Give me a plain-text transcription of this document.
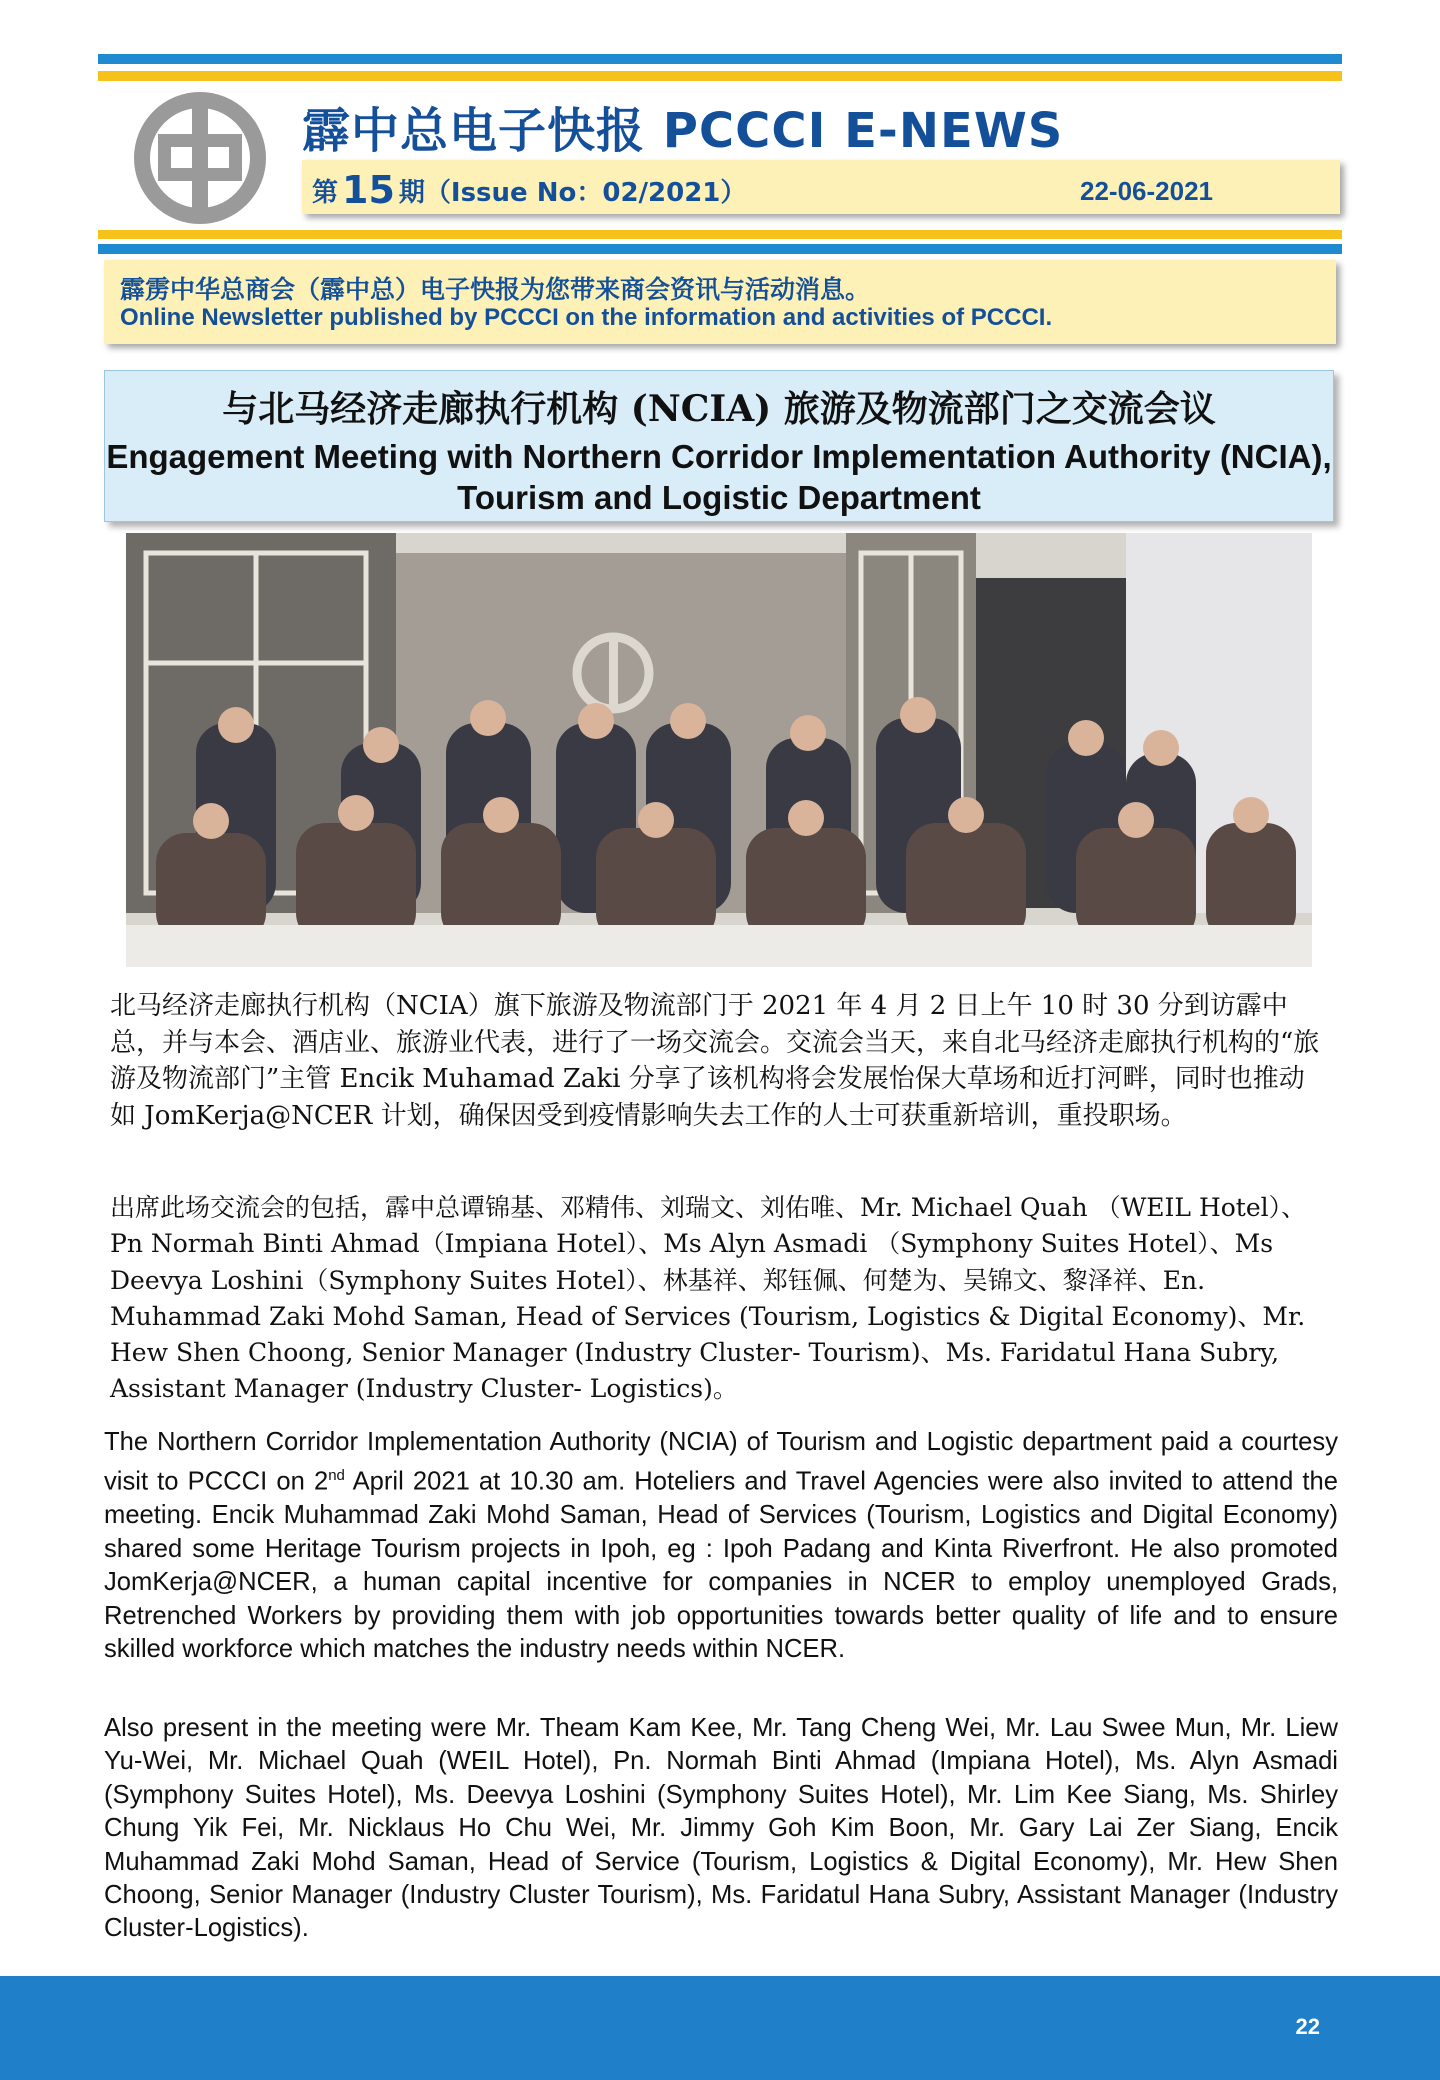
霹中总电子快报 PCCCI E-NEWS
第 15 期（Issue No：02/2021）	22-06-2021
霹雳中华总商会（霹中总）电子快报为您带来商会资讯与活动消息。
Online Newsletter published by PCCCI on the information and activities of PCCCI.
与北马经济走廊执行机构 (NCIA) 旅游及物流部门之交流会议
Engagement Meeting with Northern Corridor Implementation Authority (NCIA), Tourism and Logistic Department

北马经济走廊执行机构（NCIA）旗下旅游及物流部门于 2021 年 4 月 2 日上午 10 时 30 分到访霹中总，并与本会、酒店业、旅游业代表，进行了一场交流会。交流会当天，来自北马经济走廊执行机构的“旅游及物流部门”主管 Encik Muhamad Zaki 分享了该机构将会发展怡保大草场和近打河畔，同时也推动如 JomKerja@NCER 计划，确保因受到疫情影响失去工作的人士可获重新培训，重投职场。

出席此场交流会的包括，霹中总谭锦基、邓精伟、刘瑞文、刘佑唯、Mr. Michael Quah （WEIL Hotel）、Pn Normah Binti Ahmad（Impiana Hotel）、Ms Alyn Asmadi （Symphony Suites Hotel）、Ms Deevya Loshini（Symphony Suites Hotel）、林基祥、郑钰佩、何楚为、吴锦文、黎泽祥、En. Muhammad Zaki Mohd Saman, Head of Services (Tourism, Logistics & Digital Economy)、Mr. Hew Shen Choong, Senior Manager (Industry Cluster- Tourism)、Ms. Faridatul Hana Subry, Assistant Manager (Industry Cluster- Logistics)。

The Northern Corridor Implementation Authority (NCIA) of Tourism and Logistic department paid a courtesy visit to PCCCI on 2nd April 2021 at 10.30 am. Hoteliers and Travel Agencies were also invited to attend the meeting. Encik Muhammad Zaki Mohd Saman, Head of Services (Tourism, Logistics and Digital Economy) shared some Heritage Tourism projects in Ipoh, eg : Ipoh Padang and Kinta Riverfront. He also promoted JomKerja@NCER, a human capital incentive for companies in NCER to employ unemployed Grads, Retrenched Workers by providing them with job opportunities towards better quality of life and to ensure skilled workforce which matches the industry needs within NCER.

Also present in the meeting were Mr. Theam Kam Kee, Mr. Tang Cheng Wei, Mr. Lau Swee Mun, Mr. Liew Yu-Wei, Mr. Michael Quah (WEIL Hotel), Pn. Normah Binti Ahmad (Impiana Hotel), Ms. Alyn Asmadi (Symphony Suites Hotel), Ms. Deevya Loshini (Symphony Suites Hotel), Mr. Lim Kee Siang, Ms. Shirley Chung Yik Fei, Mr. Nicklaus Ho Chu Wei, Mr. Jimmy Goh Kim Boon, Mr. Gary Lai Zer Siang, Encik Muhammad Zaki Mohd Saman, Head of Service (Tourism, Logistics & Digital Economy), Mr. Hew Shen Choong, Senior Manager (Industry Cluster Tourism), Ms. Faridatul Hana Subry, Assistant Manager (Industry Cluster-Logistics).

22
